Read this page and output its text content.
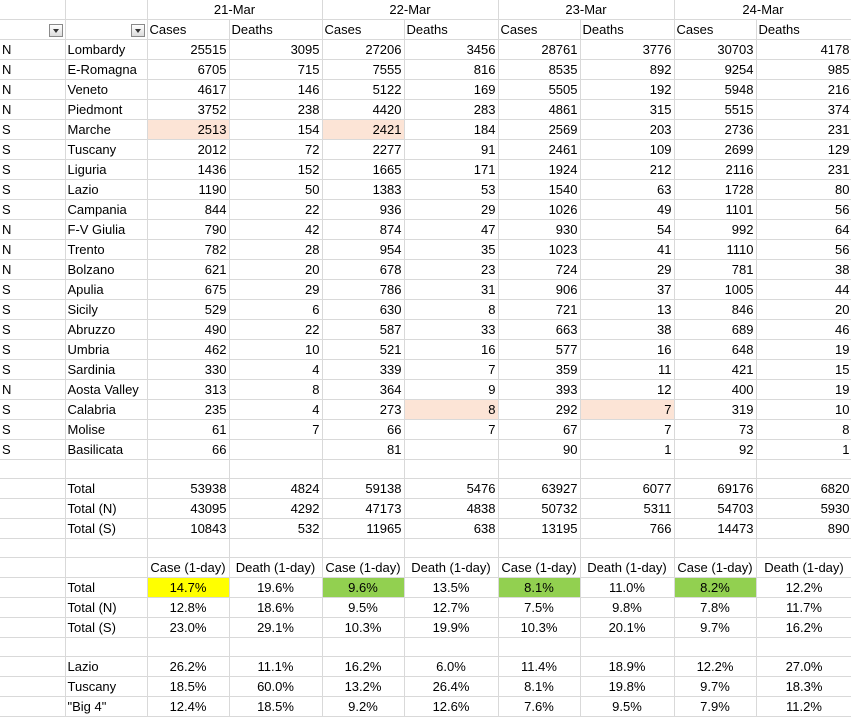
		21-Mar		22-Mar		23-Mar		24-Mar	

	Cases	Deaths	Cases	Deaths	Cases	Deaths	Cases	Deaths
N	Lombardy	25515	3095	27206	3456	28761	3776	30703	4178
N	E-Romagna	6705	715	7555	816	8535	892	9254	985
N	Veneto	4617	146	5122	169	5505	192	5948	216
N	Piedmont	3752	238	4420	283	4861	315	5515	374
S	Marche	2513	154	2421	184	2569	203	2736	231
S	Tuscany	2012	72	2277	91	2461	109	2699	129
S	Liguria	1436	152	1665	171	1924	212	2116	231
S	Lazio	1190	50	1383	53	1540	63	1728	80
S	Campania	844	22	936	29	1026	49	1101	56
N	F-V Giulia	790	42	874	47	930	54	992	64
N	Trento	782	28	954	35	1023	41	1110	56
N	Bolzano	621	20	678	23	724	29	781	38
S	Apulia	675	29	786	31	906	37	1005	44
S	Sicily	529	6	630	8	721	13	846	20
S	Abruzzo	490	22	587	33	663	38	689	46
S	Umbria	462	10	521	16	577	16	648	19
S	Sardinia	330	4	339	7	359	11	421	15
N	Aosta Valley	313	8	364	9	393	12	400	19
S	Calabria	235	4	273	8	292	7	319	10
S	Molise	61	7	66	7	67	7	73	8
S	Basilicata	66		81		90	1	92	1

	Total	53938	4824	59138	5476	63927	6077	69176	6820
	Total (N)	43095	4292	47173	4838	50732	5311	54703	5930
	Total (S)	10843	532	11965	638	13195	766	14473	890

		Case (1-day)	Death (1-day)	Case (1-day)	Death (1-day)	Case (1-day)	Death (1-day)	Case (1-day)	Death (1-day)
	Total	14.7%	19.6%	9.6%	13.5%	8.1%	11.0%	8.2%	12.2%
	Total (N)	12.8%	18.6%	9.5%	12.7%	7.5%	9.8%	7.8%	11.7%
	Total (S)	23.0%	29.1%	10.3%	19.9%	10.3%	20.1%	9.7%	16.2%

	Lazio	26.2%	11.1%	16.2%	6.0%	11.4%	18.9%	12.2%	27.0%
	Tuscany	18.5%	60.0%	13.2%	26.4%	8.1%	19.8%	9.7%	18.3%
	"Big 4"	12.4%	18.5%	9.2%	12.6%	7.6%	9.5%	7.9%	11.2%
